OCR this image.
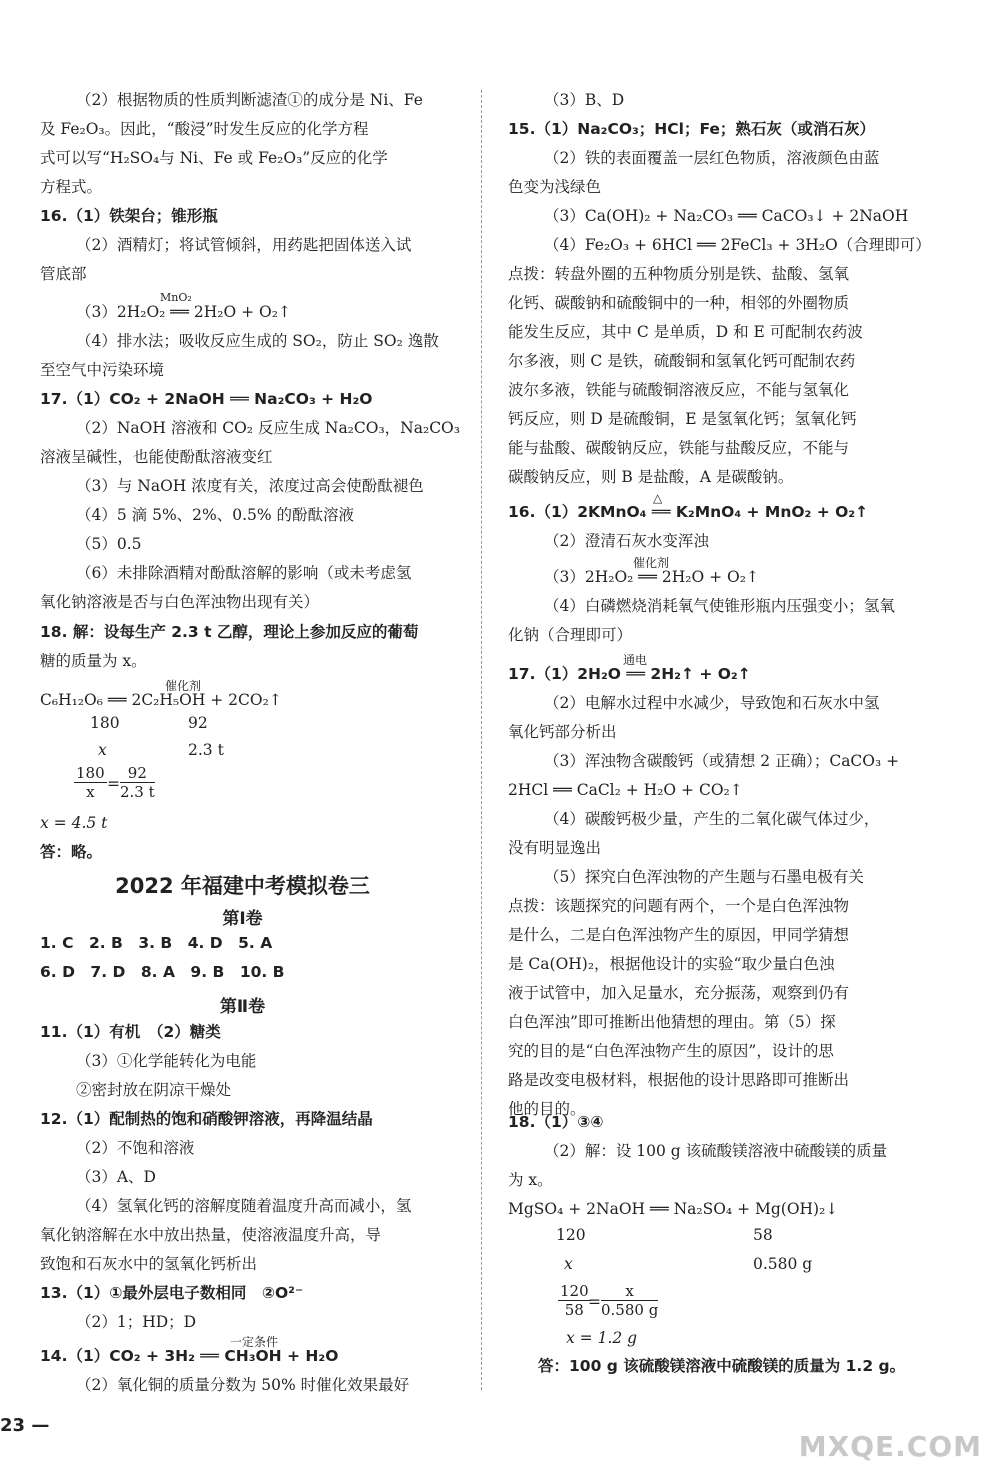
（2）根据物质的性质判断滤渣①的成分是 Ni、Fe
及 Fe₂O₃。因此，“酸浸”时发生反应的化学方程
式可以写“H₂SO₄与 Ni、Fe 或 Fe₂O₃”反应的化学
方程式。
16.（1）铁架台；锥形瓶
（2）酒精灯；将试管倾斜，用药匙把固体送入试
管底部
MnO₂
（3）2H₂O₂ ══ 2H₂O + O₂↑
（4）排水法；吸收反应生成的 SO₂，防止 SO₂ 逸散
至空气中污染环境
17.（1）CO₂ + 2NaOH ══ Na₂CO₃ + H₂O
（2）NaOH 溶液和 CO₂ 反应生成 Na₂CO₃，Na₂CO₃
溶液呈碱性，也能使酚酞溶液变红
（3）与 NaOH 浓度有关，浓度过高会使酚酞褪色
（4）5 滴 5%、2%、0.5% 的酚酞溶液
（5）0.5
（6）未排除酒精对酚酞溶解的影响（或未考虑氢
氧化钠溶液是否与白色浑浊物出现有关）
18. 解：设每生产 2.3 t 乙醇，理论上参加反应的葡萄
糖的质量为 x。
催化剂
C₆H₁₂O₆ ══ 2C₂H₅OH + 2CO₂↑
180	92
x	2.3 t
$\frac{180}{x} = \frac{92}{2.3 t}$
x = 4.5 t
答：略。
2022 年福建中考模拟卷三
第Ⅰ卷
1. C　2. B　3. B　4. D　5. A
6. D　7. D　8. A　9. B　10. B
第Ⅱ卷
11.（1）有机　（2）糖类
（3）①化学能转化为电能
②密封放在阴凉干燥处
12.（1）配制热的饱和硝酸钾溶液，再降温结晶
（2）不饱和溶液
（3）A、D
（4）氢氧化钙的溶解度随着温度升高而减小，氢
氧化钠溶解在水中放出热量，使溶液温度升高，导
致饱和石灰水中的氢氧化钙析出
13.（1）①最外层电子数相同　②O²⁻
（2）1；HD；D
一定条件
14.（1）CO₂ + 3H₂ ══ CH₃OH + H₂O
（2）氧化铜的质量分数为 50% 时催化效果最好
（3）B、D
15.（1）Na₂CO₃；HCl；Fe；熟石灰（或消石灰）
（2）铁的表面覆盖一层红色物质，溶液颜色由蓝
色变为浅绿色
（3）Ca(OH)₂ + Na₂CO₃ ══ CaCO₃↓ + 2NaOH
（4）Fe₂O₃ + 6HCl ══ 2FeCl₃ + 3H₂O（合理即可）
点拨：转盘外圈的五种物质分别是铁、盐酸、氢氧
化钙、碳酸钠和硫酸铜中的一种，相邻的外圈物质
能发生反应，其中 C 是单质，D 和 E 可配制农药波
尔多液，则 C 是铁，硫酸铜和氢氧化钙可配制农药
波尔多液，铁能与硫酸铜溶液反应，不能与氢氧化
钙反应，则 D 是硫酸铜，E 是氢氧化钙；氢氧化钙
能与盐酸、碳酸钠反应，铁能与盐酸反应，不能与
碳酸钠反应，则 B 是盐酸，A 是碳酸钠。
△
16.（1）2KMnO₄ ══ K₂MnO₄ + MnO₂ + O₂↑
（2）澄清石灰水变浑浊
催化剂
（3）2H₂O₂ ══ 2H₂O + O₂↑
（4）白磷燃烧消耗氧气使锥形瓶内压强变小；氢氧
化钠（合理即可）
通电
17.（1）2H₂O ══ 2H₂↑ + O₂↑
（2）电解水过程中水减少，导致饱和石灰水中氢
氧化钙部分析出
（3）浑浊物含碳酸钙（或猜想 2 正确）；CaCO₃ +
2HCl ══ CaCl₂ + H₂O + CO₂↑
（4）碳酸钙极少量，产生的二氧化碳气体过少，
没有明显逸出
（5）探究白色浑浊物的产生题与石墨电极有关
点拨：该题探究的问题有两个，一个是白色浑浊物
是什么，二是白色浑浊物产生的原因，甲同学猜想
是 Ca(OH)₂，根据他设计的实验“取少量白色浊
液于试管中，加入足量水，充分振荡，观察到仍有
白色浑浊”即可推断出他猜想的理由。第（5）探
究的目的是“白色浑浊物产生的原因”，设计的思
路是改变电极材料，根据他的设计思路即可推断出
他的目的。
18.（1）③④
（2）解：设 100 g 该硫酸镁溶液中硫酸镁的质量
为 x。
MgSO₄ + 2NaOH ══ Na₂SO₄ + Mg(OH)₂↓
120	58
x	0.580 g
$\frac{120}{58}$
= $\frac{x}{0.580 g}$
x = 1.2 g
答：100 g 该硫酸镁溶液中硫酸镁的质量为 1.2 g。
23 —
MXQE.COM
